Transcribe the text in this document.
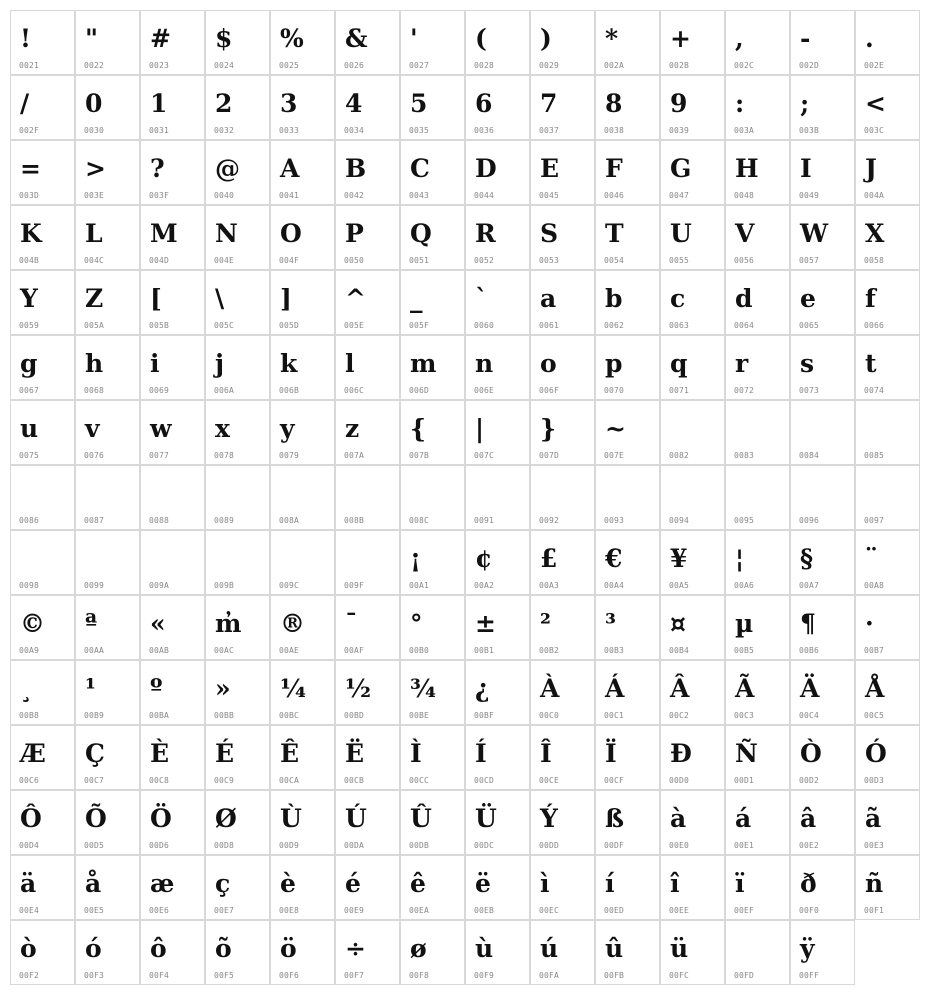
!
0021
"
0022
#
0023
$
0024
%
0025
&
0026
'
0027
(
0028
)
0029
*
002A
+
002B
,
002C
-
002D
.
002E
/
002F
0
0030
1
0031
2
0032
3
0033
4
0034
5
0035
6
0036
7
0037
8
0038
9
0039
:
003A
;
003B
<
003C
=
003D
>
003E
?
003F
@
0040
A
0041
B
0042
C
0043
D
0044
E
0045
F
0046
G
0047
H
0048
I
0049
J
004A
K
004B
L
004C
M
004D
N
004E
O
004F
P
0050
Q
0051
R
0052
S
0053
T
0054
U
0055
V
0056
W
0057
X
0058
Y
0059
Z
005A
[
005B
\
005C
]
005D
^
005E
_
005F
`
0060
a
0061
b
0062
c
0063
d
0064
e
0065
f
0066
g
0067
h
0068
i
0069
j
006A
k
006B
l
006C
m
006D
n
006E
o
006F
p
0070
q
0071
r
0072
s
0073
t
0074
u
0075
v
0076
w
0077
x
0078
y
0079
z
007A
{
007B
|
007C
}
007D
~
007E	0082	0083	0084	0085
0086	0087	0088	0089	008A	008B	008C	0091	0092	0093	0094	0095	0096	0097
0098	0099	009A	009B	009C	009F
¡
00A1
¢
00A2
£
00A3
€
00A4
¥
00A5
¦
00A6
§
00A7
¨
00A8
©
00A9
ª
00AA
«
00AB
m̓
00AC
®
00AE
¯
00AF
°
00B0
±
00B1
²
00B2
³
00B3
¤
00B4
µ
00B5
¶
00B6
·
00B7
¸
00B8
¹
00B9
º
00BA
»
00BB
¼
00BC
½
00BD
¾
00BE
¿
00BF
À
00C0
Á
00C1
Â
00C2
Ã
00C3
Ä
00C4
Å
00C5
Æ
00C6
Ç
00C7
È
00C8
É
00C9
Ê
00CA
Ë
00CB
Ì
00CC
Í
00CD
Î
00CE
Ï
00CF
Ð
00D0
Ñ
00D1
Ò
00D2
Ó
00D3
Ô
00D4
Õ
00D5
Ö
00D6
Ø
00D8
Ù
00D9
Ú
00DA
Û
00DB
Ü
00DC
Ý
00DD
ß
00DF
à
00E0
á
00E1
â
00E2
ã
00E3
ä
00E4
å
00E5
æ
00E6
ç
00E7
è
00E8
é
00E9
ê
00EA
ë
00EB
ì
00EC
í
00ED
î
00EE
ï
00EF
ð
00F0
ñ
00F1
ò
00F2
ó
00F3
ô
00F4
õ
00F5
ö
00F6
÷
00F7
ø
00F8
ù
00F9
ú
00FA
û
00FB
ü
00FC	00FD
ÿ
00FF
